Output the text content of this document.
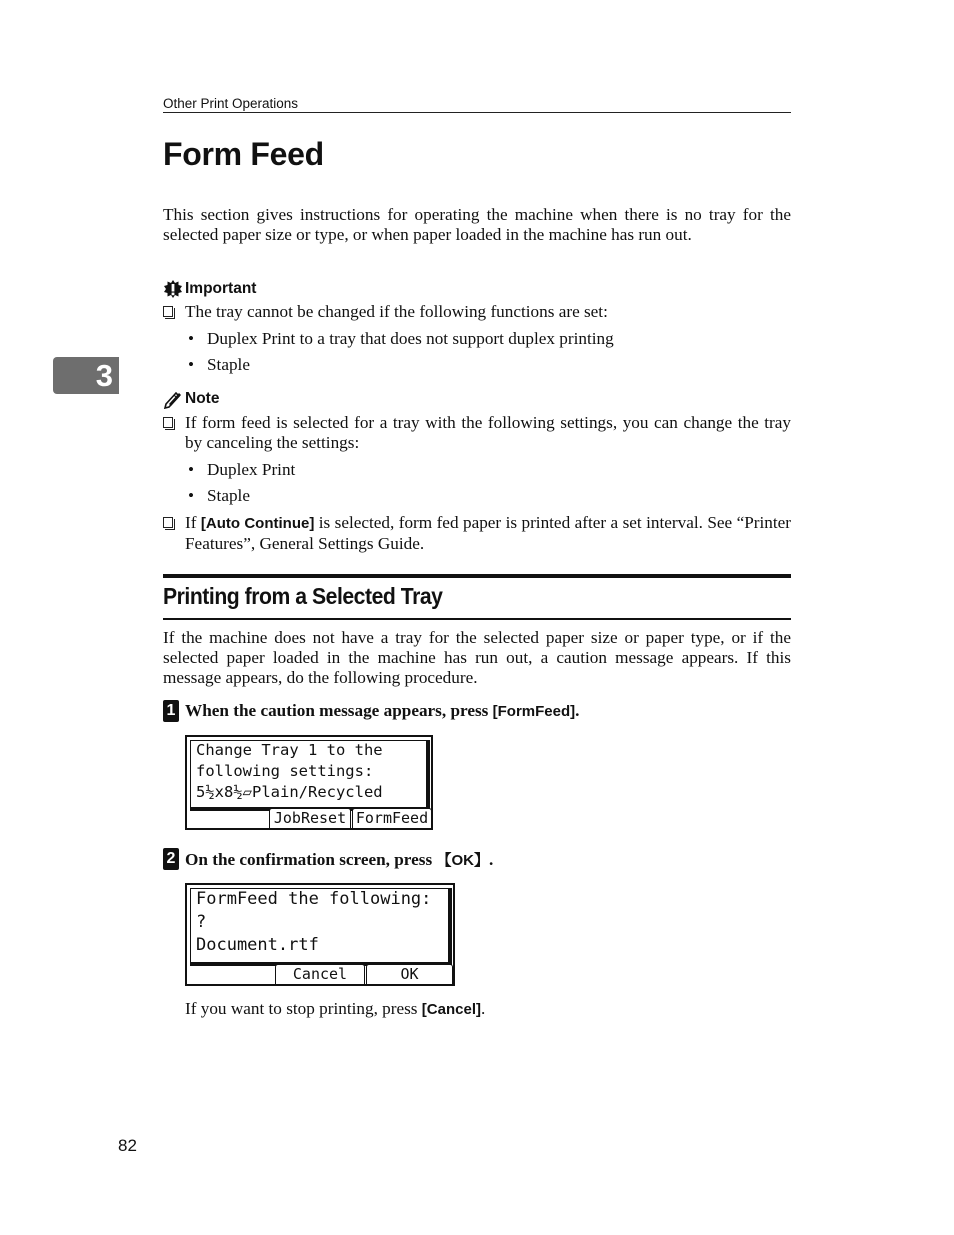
Other Print Operations
Form Feed
3
This section gives instructions for operating the machine when there is no tray for the selected paper size or type, or when paper loaded in the machine has run out.
Important
The tray cannot be changed if the following functions are set:
• Duplex Print to a tray that does not support duplex printing
• Staple
Note
If form feed is selected for a tray with the following settings, you can change the tray by canceling the settings:
• Duplex Print
• Staple
If [Auto Continue] is selected, form fed paper is printed after a set interval. See “Printer Features”, General Settings Guide.
Printing from a Selected Tray
If the machine does not have a tray for the selected paper size or paper type, or if the selected paper loaded in the machine has run out, a caution message appears. If this message appears, do the following procedure.
1 When the caution message appears, press [FormFeed].
Change Tray 1 to the
following settings:
5½x8½▱Plain/Recycled
JobReset FormFeed
2 On the confirmation screen, press 【OK】.
FormFeed the following:
?
Document.rtf
Cancel	OK
If you want to stop printing, press [Cancel].
82
